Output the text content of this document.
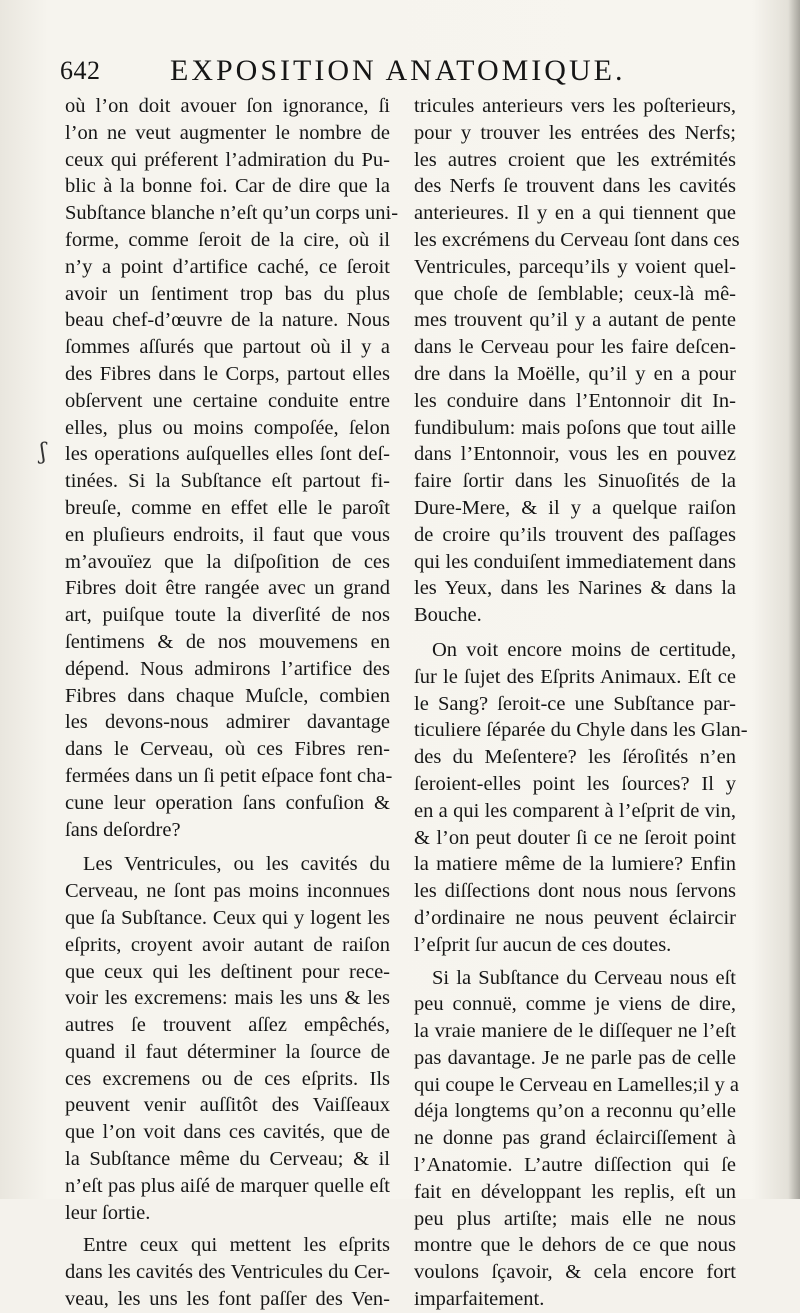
642 EXPOSITION ANATOMIQUE.
où l’on doit avouer ſon ignorance, ſi
l’on ne veut augmenter le nombre de
ceux qui préferent l’admiration du Pu-
blic à la bonne foi. Car de dire que la
Subſtance blanche n’eſt qu’un corps uni-
forme, comme ſeroit de la cire, où il
n’y a point d’artifice caché, ce ſeroit
avoir un ſentiment trop bas du plus
beau chef-d’œuvre de la nature. Nous
ſommes aſſurés que partout où il y a
des Fibres dans le Corps, partout elles
obſervent une certaine conduite entre
elles, plus ou moins compoſée, ſelon
les operations auſquelles elles ſont deſ-
tinées. Si la Subſtance eſt partout fi-
breuſe, comme en effet elle le paroît
en pluſieurs endroits, il faut que vous
m’avouïez que la diſpoſition de ces
Fibres doit être rangée avec un grand
art, puiſque toute la diverſité de nos
ſentimens & de nos mouvemens en
dépend. Nous admirons l’artifice des
Fibres dans chaque Muſcle, combien
les devons-nous admirer davantage
dans le Cerveau, où ces Fibres ren-
fermées dans un ſi petit eſpace font cha-
cune leur operation ſans confuſion &
ſans deſordre?
Les Ventricules, ou les cavités du
Cerveau, ne ſont pas moins inconnues
que ſa Subſtance. Ceux qui y logent les
eſprits, croyent avoir autant de raiſon
que ceux qui les deſtinent pour rece-
voir les excremens: mais les uns & les
autres ſe trouvent aſſez empêchés,
quand il faut déterminer la ſource de
ces excremens ou de ces eſprits. Ils
peuvent venir auſſitôt des Vaiſſeaux
que l’on voit dans ces cavités, que de
la Subſtance même du Cerveau; & il
n’eſt pas plus aiſé de marquer quelle eſt
leur ſortie.
Entre ceux qui mettent les eſprits
dans les cavités des Ventricules du Cer-
veau, les uns les font paſſer des Ven-
tricules anterieurs vers les poſterieurs,
pour y trouver les entrées des Nerfs;
les autres croient que les extrémités
des Nerfs ſe trouvent dans les cavités
anterieures. Il y en a qui tiennent que
les excrémens du Cerveau ſont dans ces
Ventricules, parcequ’ils y voient quel-
que choſe de ſemblable; ceux-là mê-
mes trouvent qu’il y a autant de pente
dans le Cerveau pour les faire deſcen-
dre dans la Moëlle, qu’il y en a pour
les conduire dans l’Entonnoir dit In-
fundibulum: mais poſons que tout aille
dans l’Entonnoir, vous les en pouvez
faire ſortir dans les Sinuoſités de la
Dure-Mere, & il y a quelque raiſon
de croire qu’ils trouvent des paſſages
qui les conduiſent immediatement dans
les Yeux, dans les Narines & dans la
Bouche.
On voit encore moins de certitude,
ſur le ſujet des Eſprits Animaux. Eſt ce
le Sang? ſeroit-ce une Subſtance par-
ticuliere ſéparée du Chyle dans les Glan-
des du Meſentere? les ſéroſités n’en
ſeroient-elles point les ſources? Il y
en a qui les comparent à l’eſprit de vin,
& l’on peut douter ſi ce ne ſeroit point
la matiere même de la lumiere? Enfin
les diſſections dont nous nous ſervons
d’ordinaire ne nous peuvent éclaircir
l’eſprit ſur aucun de ces doutes.
Si la Subſtance du Cerveau nous eſt
peu connuë, comme je viens de dire,
la vraie maniere de le diſſequer ne l’eſt
pas davantage. Je ne parle pas de celle
qui coupe le Cerveau en Lamelles;il y a
déja longtems qu’on a reconnu qu’elle
ne donne pas grand éclairciſſement à
l’Anatomie. L’autre diſſection qui ſe
fait en développant les replis, eſt un
peu plus artiſte; mais elle ne nous
montre que le dehors de ce que nous
voulons ſçavoir, & cela encore fort
imparfaitement.
ʃ
